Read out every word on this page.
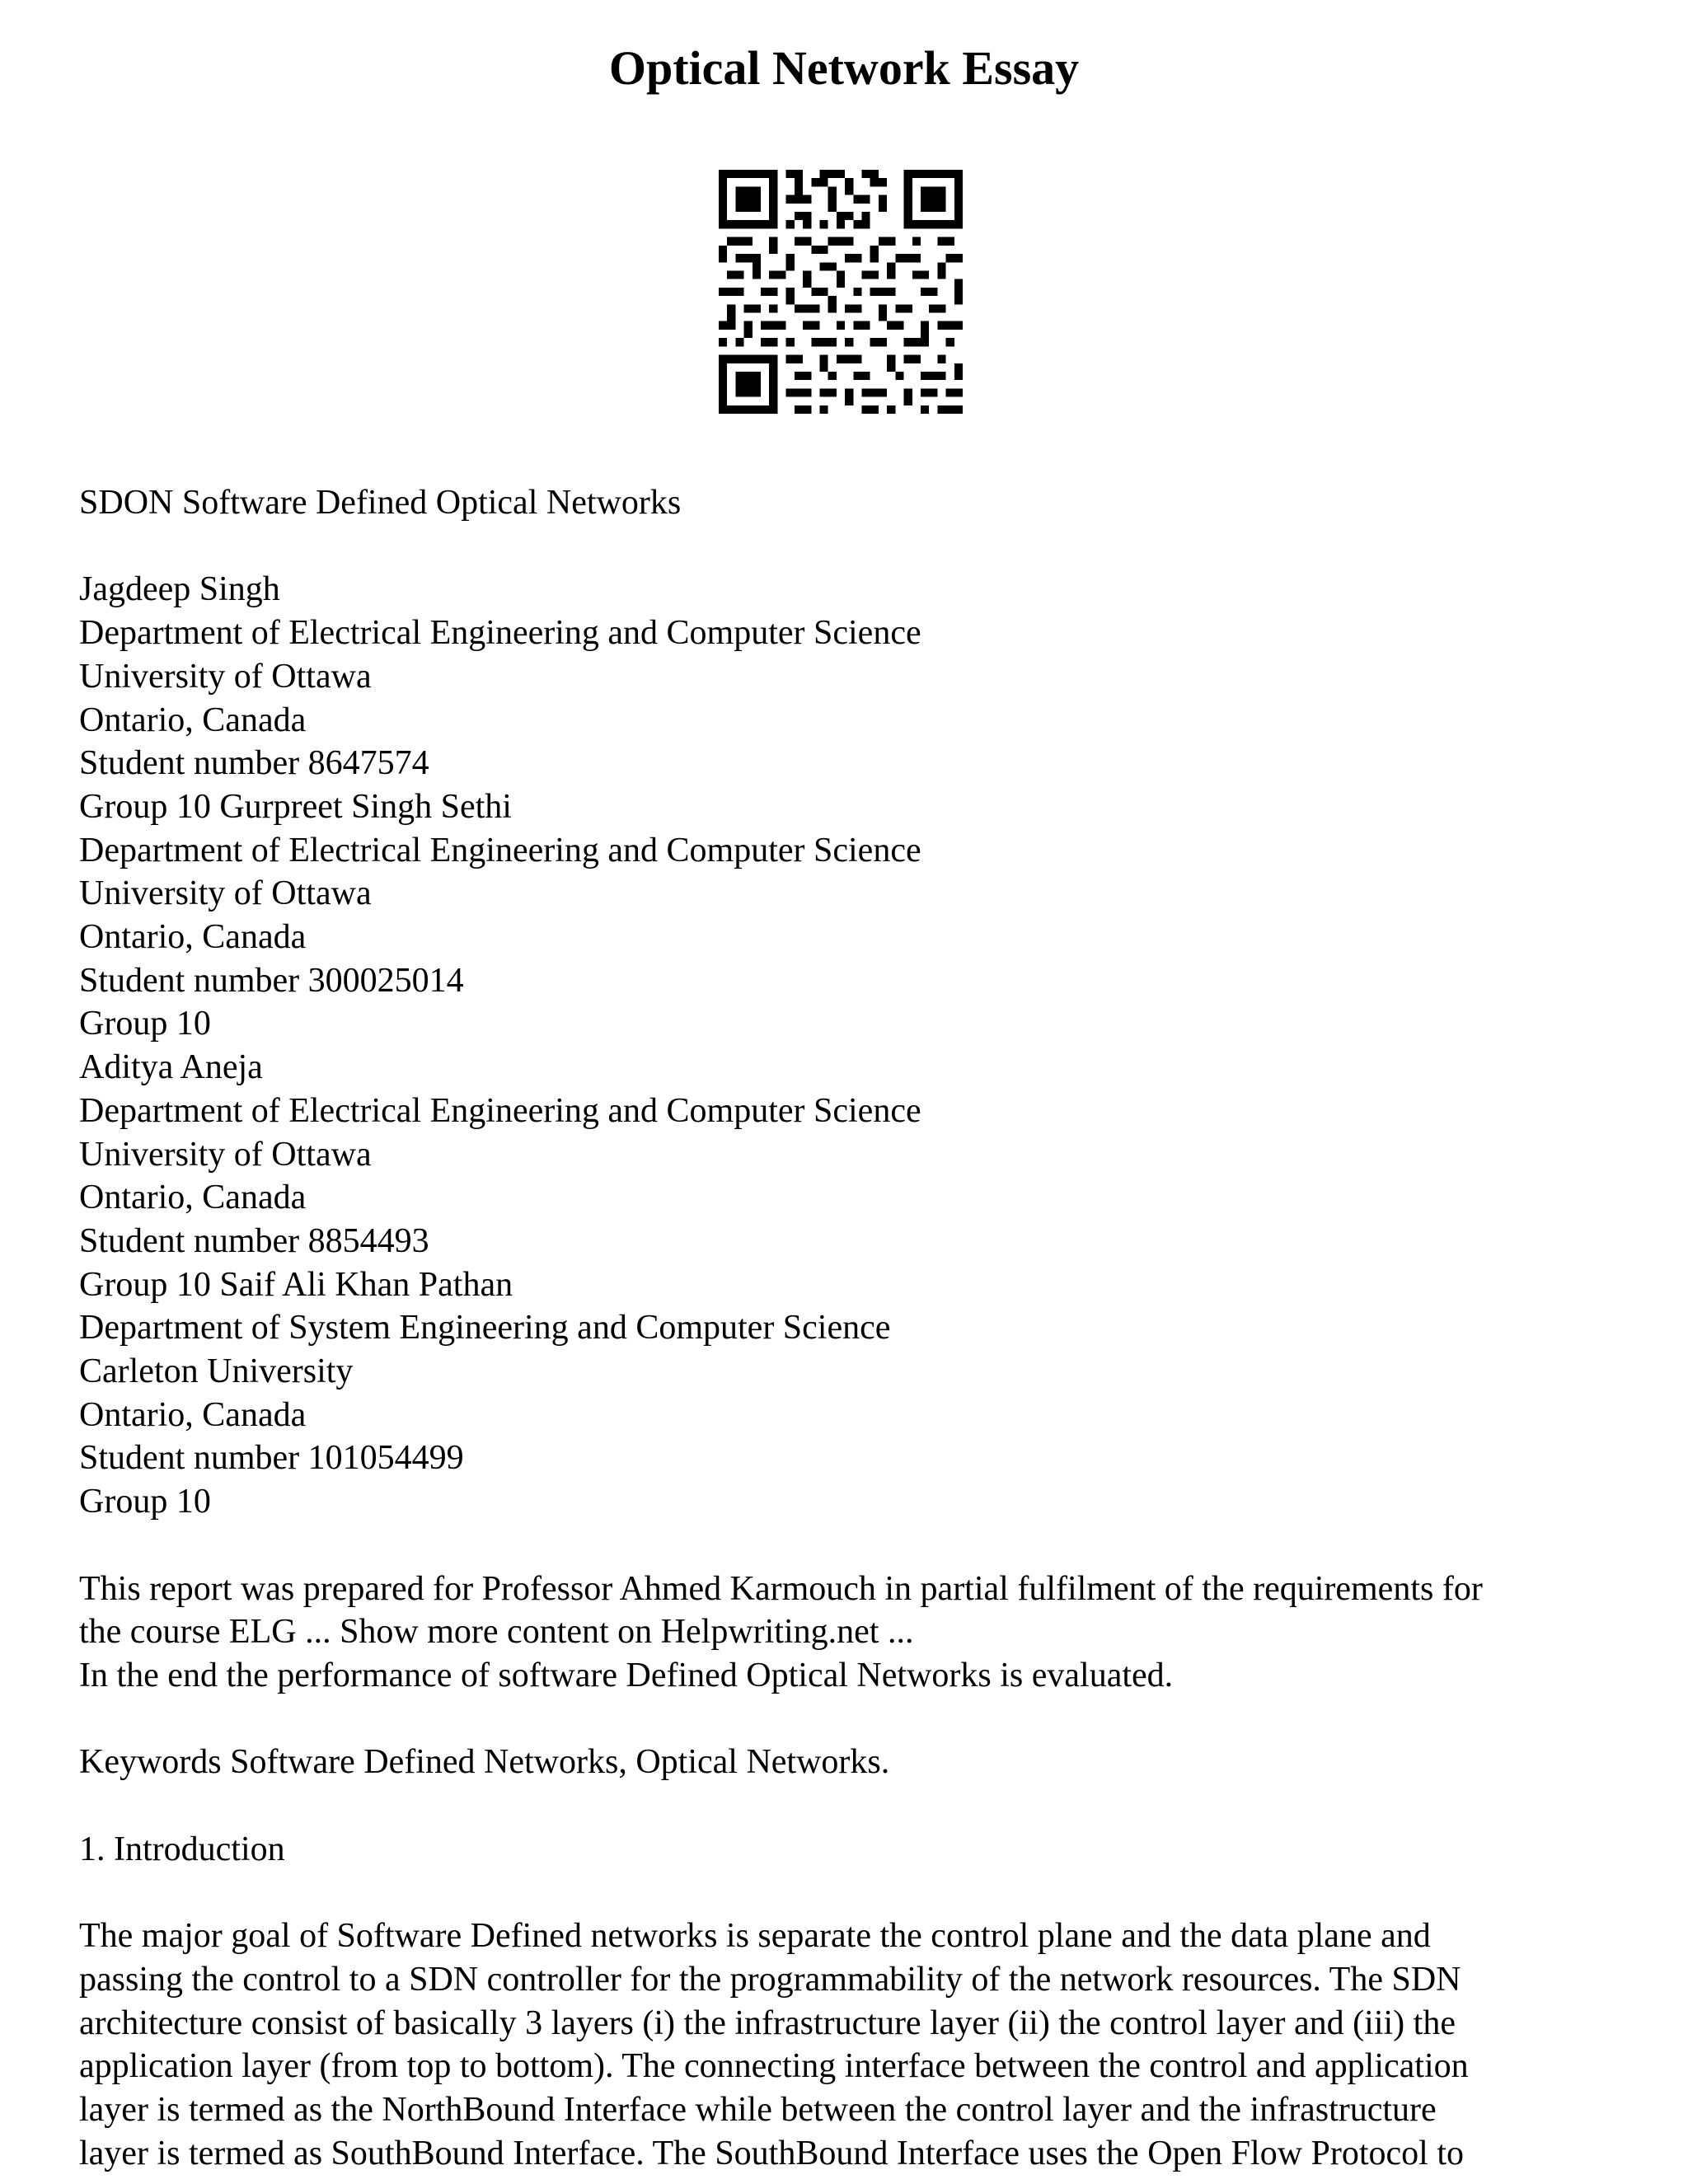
Optical Network Essay

SDON Software Defined Optical Networks

Jagdeep Singh
Department of Electrical Engineering and Computer Science
University of Ottawa
Ontario, Canada
Student number 8647574
Group 10 Gurpreet Singh Sethi
Department of Electrical Engineering and Computer Science
University of Ottawa
Ontario, Canada
Student number 300025014
Group 10
Aditya Aneja
Department of Electrical Engineering and Computer Science
University of Ottawa
Ontario, Canada
Student number 8854493
Group 10 Saif Ali Khan Pathan
Department of System Engineering and Computer Science
Carleton University
Ontario, Canada
Student number 101054499
Group 10

This report was prepared for Professor Ahmed Karmouch in partial fulfilment of the requirements for
the course ELG ... Show more content on Helpwriting.net ...
In the end the performance of software Defined Optical Networks is evaluated.

Keywords Software Defined Networks, Optical Networks.

1. Introduction

The major goal of Software Defined networks is separate the control plane and the data plane and
passing the control to a SDN controller for the programmability of the network resources. The SDN
architecture consist of basically 3 layers (i) the infrastructure layer (ii) the control layer and (iii) the
application layer (from top to bottom). The connecting interface between the control and application
layer is termed as the NorthBound Interface while between the control layer and the infrastructure
layer is termed as SouthBound Interface. The SouthBound Interface uses the Open Flow Protocol to
